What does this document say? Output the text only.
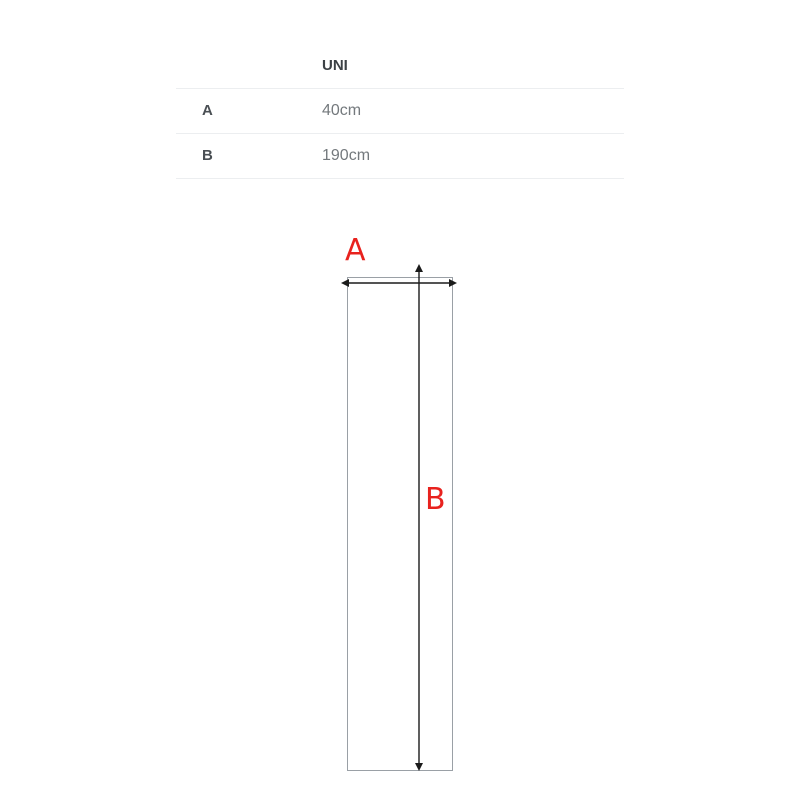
	UNI
A	40cm
B	190cm
A
B
